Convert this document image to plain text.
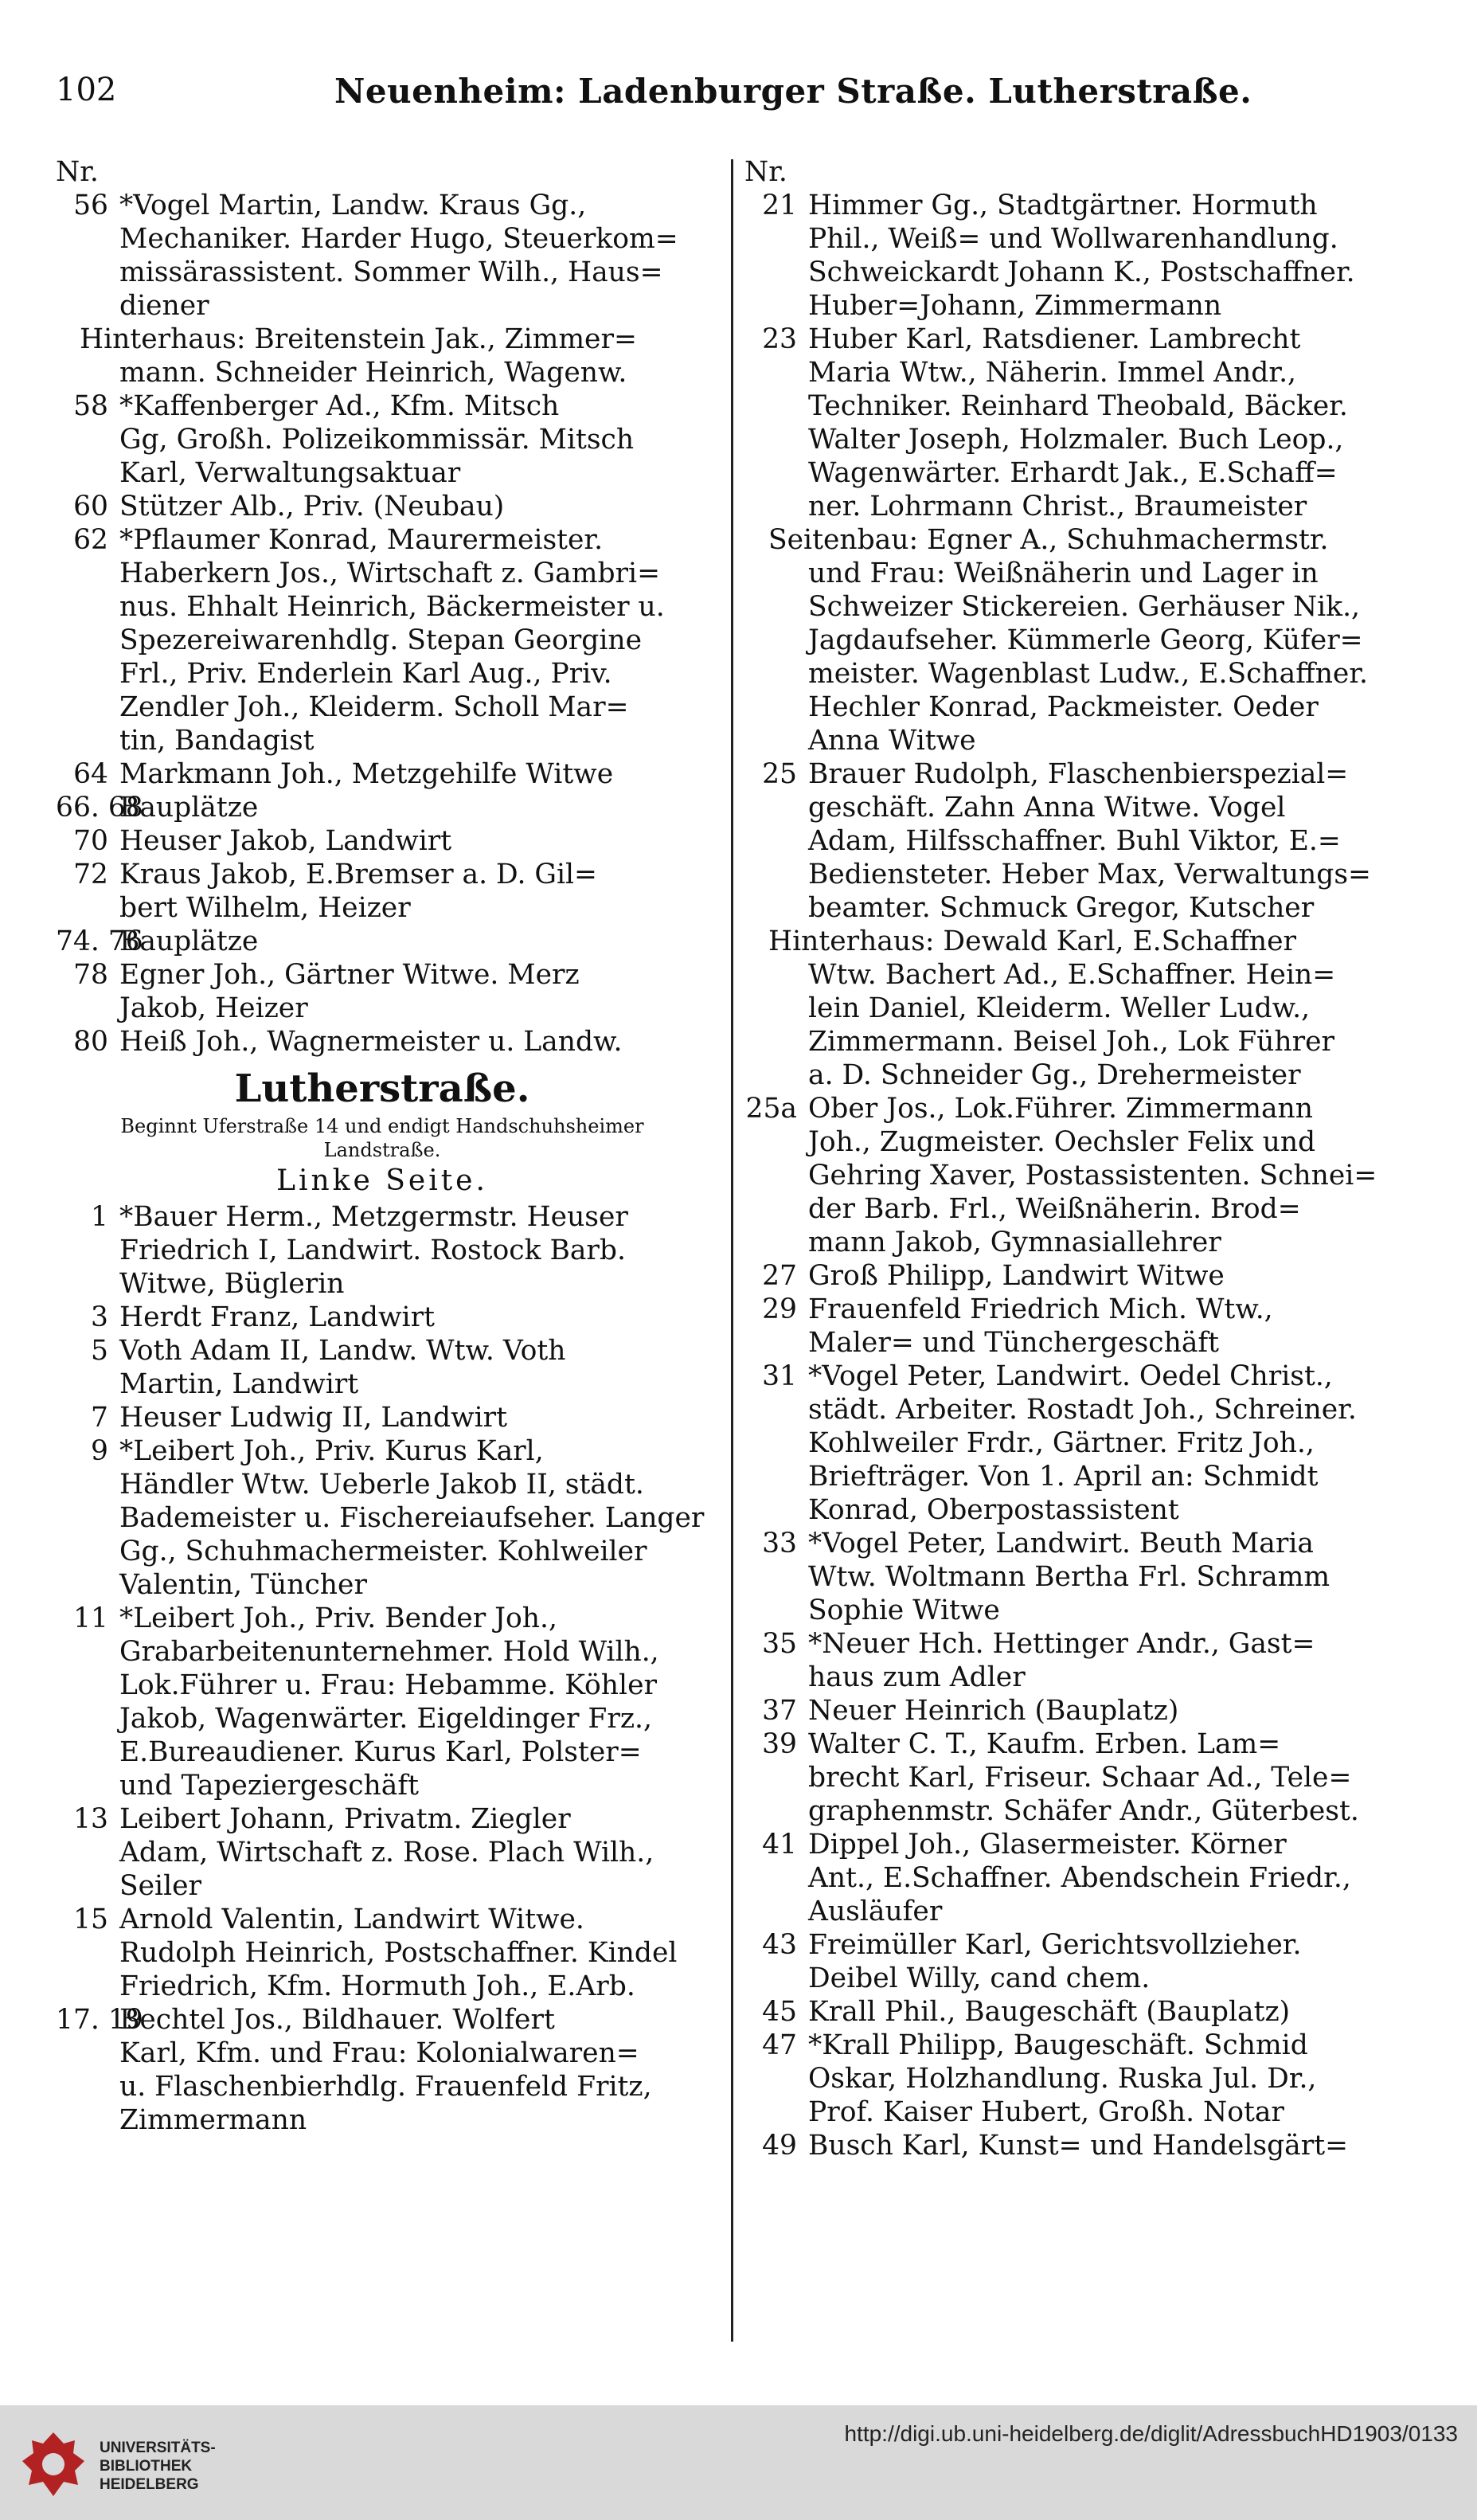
102	Neuenheim: Ladenburger Straße. Lutherstraße.
Nr.
56 *Vogel Martin, Landw. Kraus Gg.,
Mechaniker. Harder Hugo, Steuerkom=
missärassistent. Sommer Wilh., Haus=
diener
Hinterhaus: Breitenstein Jak., Zimmer=
mann. Schneider Heinrich, Wagenw.
58 *Kaffenberger Ad., Kfm. Mitsch
Gg, Großh. Polizeikommissär. Mitsch
Karl, Verwaltungsaktuar
60 Stützer Alb., Priv. (Neubau)
62 *Pflaumer Konrad, Maurermeister.
Haberkern Jos., Wirtschaft z. Gambri=
nus. Ehhalt Heinrich, Bäckermeister u.
Spezereiwarenhdlg. Stepan Georgine
Frl., Priv. Enderlein Karl Aug., Priv.
Zendler Joh., Kleiderm. Scholl Mar=
tin, Bandagist
64 Markmann Joh., Metzgehilfe Witwe
66. 68Bauplätze
70 Heuser Jakob, Landwirt
72 Kraus Jakob, E.Bremser a. D. Gil=
bert Wilhelm, Heizer
74. 76Bauplätze
78 Egner Joh., Gärtner Witwe. Merz
Jakob, Heizer
80 Heiß Joh., Wagnermeister u. Landw.
Lutherstraße.
Beginnt Uferstraße 14 und endigt Handschuhsheimer Landstraße.
Linke Seite.
1 *Bauer Herm., Metzgermstr. Heuser
Friedrich I, Landwirt. Rostock Barb.
Witwe, Büglerin
3 Herdt Franz, Landwirt
5 Voth Adam II, Landw. Wtw. Voth
Martin, Landwirt
7 Heuser Ludwig II, Landwirt
9 *Leibert Joh., Priv. Kurus Karl,
Händler Wtw. Ueberle Jakob II, städt.
Bademeister u. Fischereiaufseher. Langer
Gg., Schuhmachermeister. Kohlweiler
Valentin, Tüncher
11 *Leibert Joh., Priv. Bender Joh.,
Grabarbeitenunternehmer. Hold Wilh.,
Lok.Führer u. Frau: Hebamme. Köhler
Jakob, Wagenwärter. Eigeldinger Frz.,
E.Bureaudiener. Kurus Karl, Polster=
und Tapeziergeschäft
13 Leibert Johann, Privatm. Ziegler
Adam, Wirtschaft z. Rose. Plach Wilh.,
Seiler
15 Arnold Valentin, Landwirt Witwe.
Rudolph Heinrich, Postschaffner. Kindel
Friedrich, Kfm. Hormuth Joh., E.Arb.
17. 19Bechtel Jos., Bildhauer. Wolfert
Karl, Kfm. und Frau: Kolonialwaren=
u. Flaschenbierhdlg. Frauenfeld Fritz,
Zimmermann
Nr.
21 Himmer Gg., Stadtgärtner. Hormuth
Phil., Weiß= und Wollwarenhandlung.
Schweickardt Johann K., Postschaffner.
Huber=Johann, Zimmermann
23 Huber Karl, Ratsdiener. Lambrecht
Maria Wtw., Näherin. Immel Andr.,
Techniker. Reinhard Theobald, Bäcker.
Walter Joseph, Holzmaler. Buch Leop.,
Wagenwärter. Erhardt Jak., E.Schaff=
ner. Lohrmann Christ., Braumeister
Seitenbau: Egner A., Schuhmachermstr.
und Frau: Weißnäherin und Lager in
Schweizer Stickereien. Gerhäuser Nik.,
Jagdaufseher. Kümmerle Georg, Küfer=
meister. Wagenblast Ludw., E.Schaffner.
Hechler Konrad, Packmeister. Oeder
Anna Witwe
25 Brauer Rudolph, Flaschenbierspezial=
geschäft. Zahn Anna Witwe. Vogel
Adam, Hilfsschaffner. Buhl Viktor, E.=
Bediensteter. Heber Max, Verwaltungs=
beamter. Schmuck Gregor, Kutscher
Hinterhaus: Dewald Karl, E.Schaffner
Wtw. Bachert Ad., E.Schaffner. Hein=
lein Daniel, Kleiderm. Weller Ludw.,
Zimmermann. Beisel Joh., Lok Führer
a. D. Schneider Gg., Drehermeister
25a Ober Jos., Lok.Führer. Zimmermann
Joh., Zugmeister. Oechsler Felix und
Gehring Xaver, Postassistenten. Schnei=
der Barb. Frl., Weißnäherin. Brod=
mann Jakob, Gymnasiallehrer
27 Groß Philipp, Landwirt Witwe
29 Frauenfeld Friedrich Mich. Wtw.,
Maler= und Tünchergeschäft
31 *Vogel Peter, Landwirt. Oedel Christ.,
städt. Arbeiter. Rostadt Joh., Schreiner.
Kohlweiler Frdr., Gärtner. Fritz Joh.,
Briefträger. Von 1. April an: Schmidt
Konrad, Oberpostassistent
33 *Vogel Peter, Landwirt. Beuth Maria
Wtw. Woltmann Bertha Frl. Schramm
Sophie Witwe
35 *Neuer Hch. Hettinger Andr., Gast=
haus zum Adler
37 Neuer Heinrich (Bauplatz)
39 Walter C. T., Kaufm. Erben. Lam=
brecht Karl, Friseur. Schaar Ad., Tele=
graphenmstr. Schäfer Andr., Güterbest.
41 Dippel Joh., Glasermeister. Körner
Ant., E.Schaffner. Abendschein Friedr.,
Ausläufer
43 Freimüller Karl, Gerichtsvollzieher.
Deibel Willy, cand chem.
45 Krall Phil., Baugeschäft (Bauplatz)
47 *Krall Philipp, Baugeschäft. Schmid
Oskar, Holzhandlung. Ruska Jul. Dr.,
Prof. Kaiser Hubert, Großh. Notar
49 Busch Karl, Kunst= und Handelsgärt=
UNIVERSITÄTS-
BIBLIOTHEK
HEIDELBERG
http://digi.ub.uni-heidelberg.de/diglit/AdressbuchHD1903/0133
